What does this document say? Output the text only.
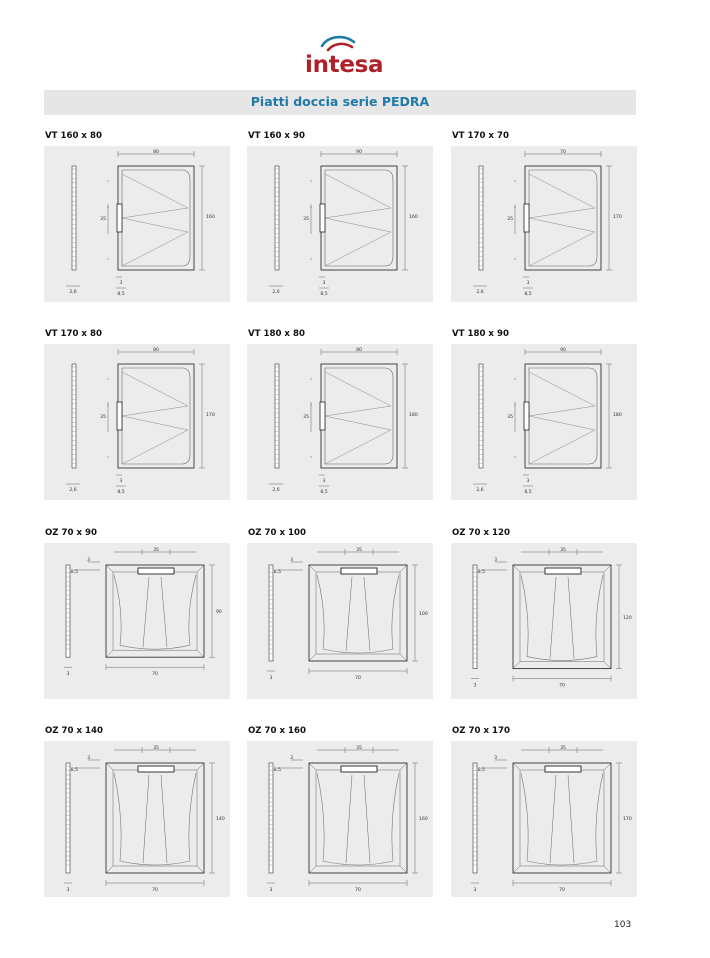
intesa
Piatti doccia serie PEDRA
VT 160 x 80
80
160
35
2,6
3
8,5
VT 160 x 90
90
160
35
2,6
3
8,5
VT 170 x 70
70
170
35
2,6
3
8,5
VT 170 x 80
80
170
35
2,6
3
8,5
VT 180 x 80
80
180
35
2,6
3
8,5
VT 180 x 90
90
180
35
2,6
3
8,5
OZ 70 x 90
35
3
8,5
90
70
3
OZ 70 x 100
35
3
8,5
100
70
3
OZ 70 x 120
35
3
8,5
120
70
3
OZ 70 x 140
35
3
8,5
140
70
3
OZ 70 x 160
35
3
8,5
160
70
3
OZ 70 x 170
35
3
8,5
170
70
3
103
